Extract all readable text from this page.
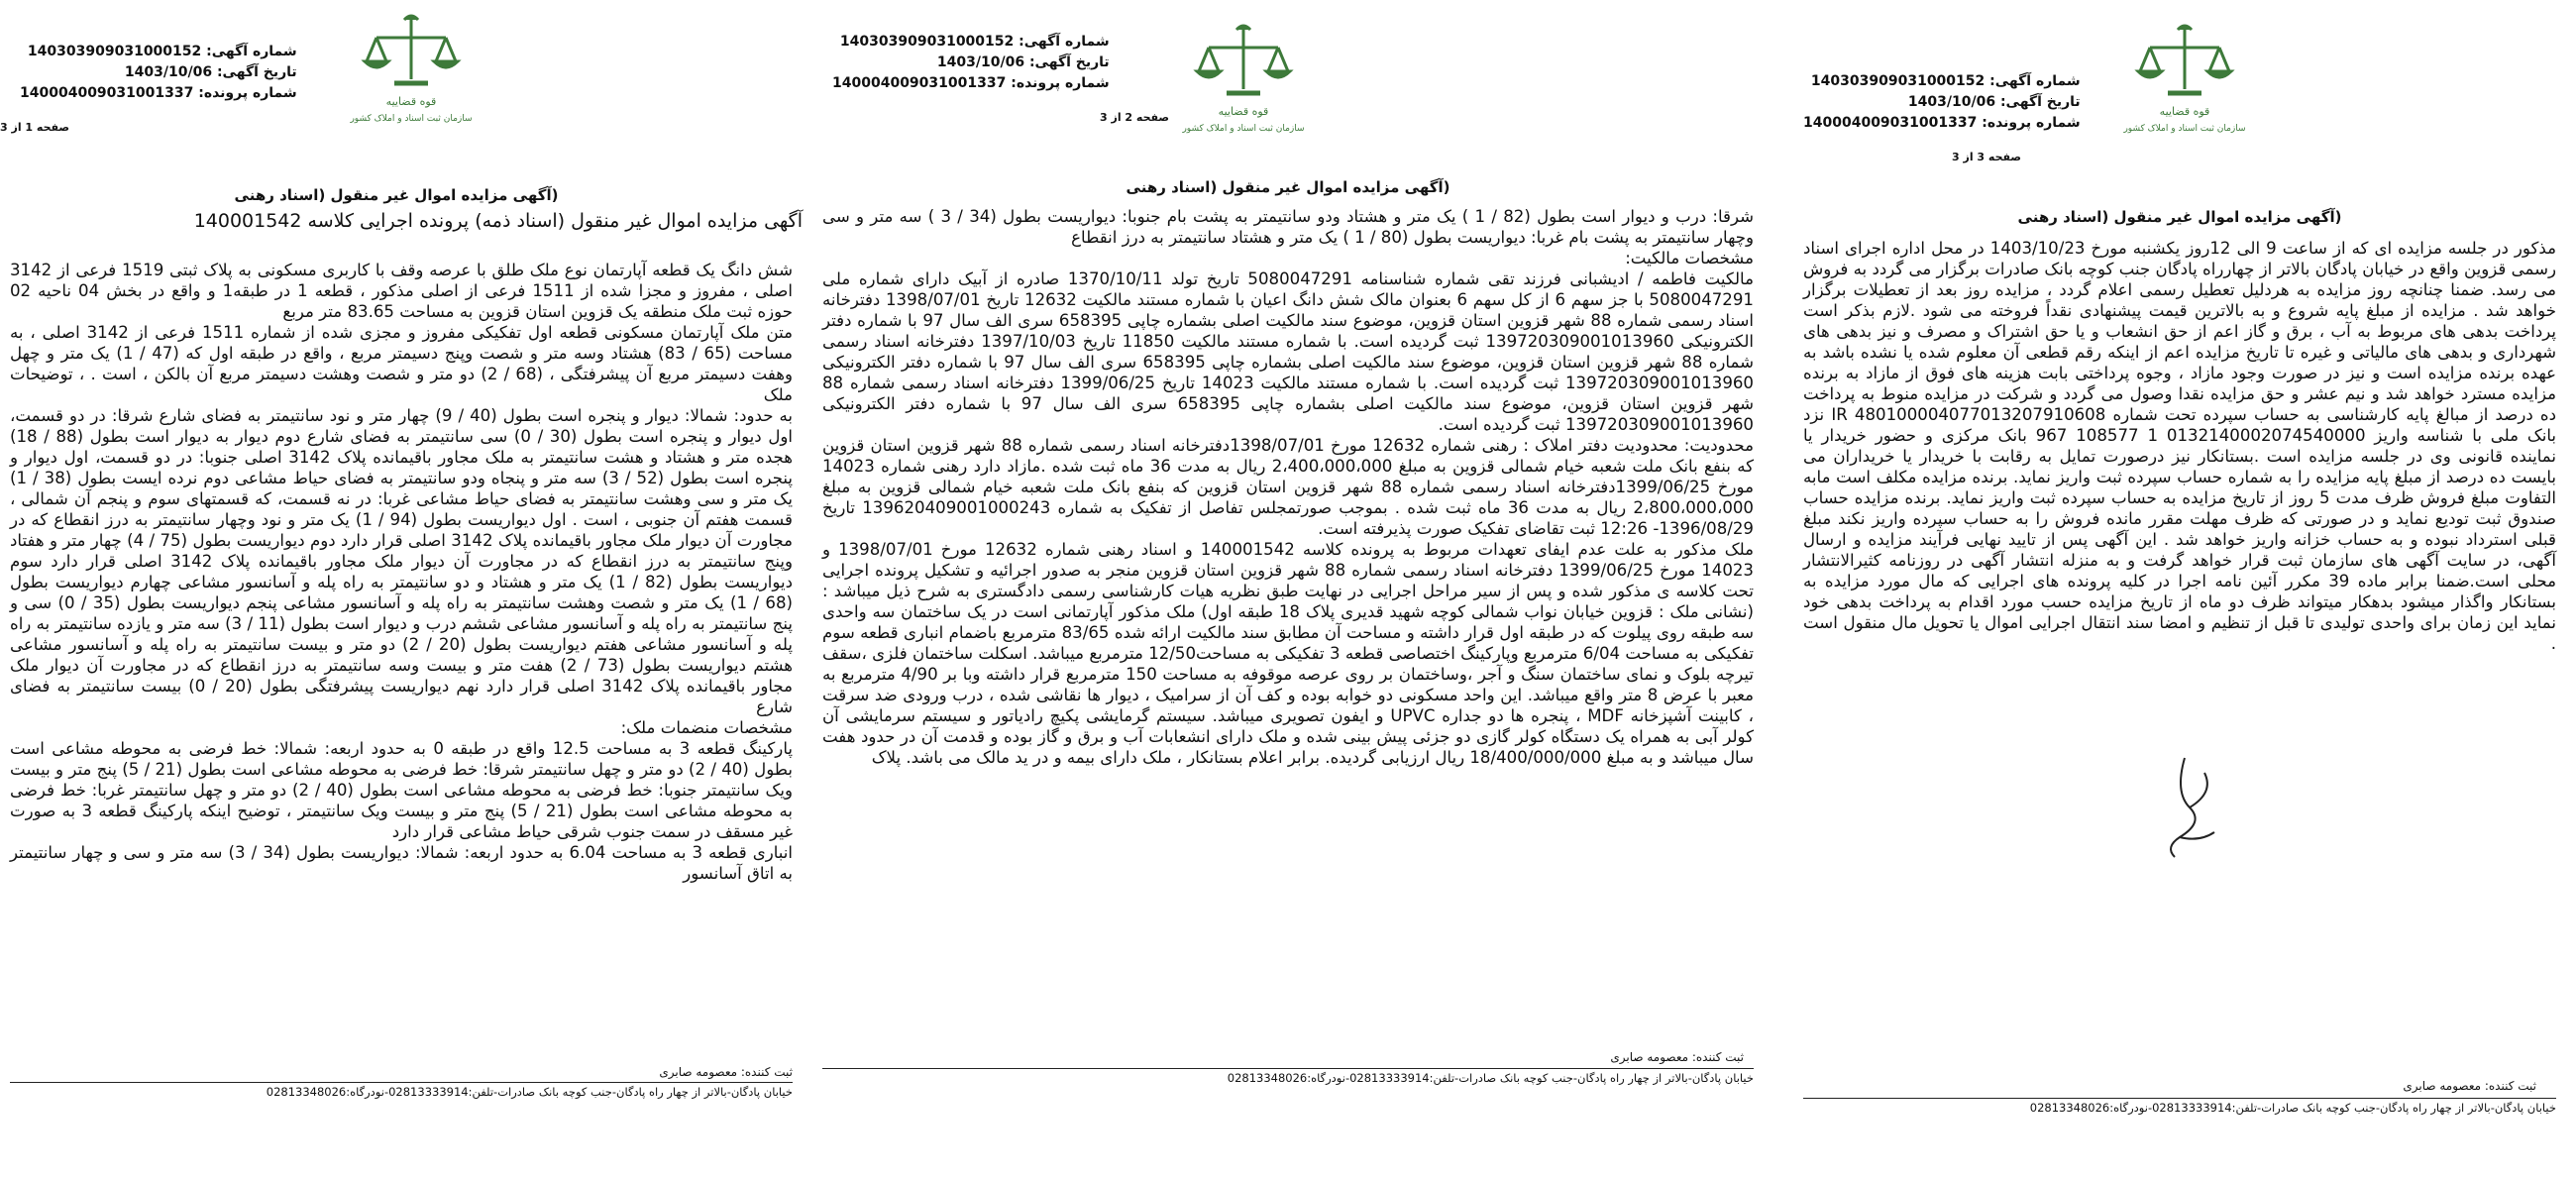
قوه قضاییه
سازمان ثبت اسناد و املاک کشور
شماره آگهی: 140303909031000152
تاریخ آگهی: 1403/10/06
شماره پرونده: 140004009031001337
صفحه 3 از 3
(آگهی مزایده اموال غیر منقول (اسناد رهنی
مذکور در جلسه مزایده ای که از ساعت 9 الی 12روز یکشنبه مورخ 1403/10/23 در محل اداره اجرای اسناد رسمی قزوین واقع در خیابان پادگان بالاتر از چهارراه پادگان جنب کوچه بانک صادرات برگزار می گردد به فروش می رسد. ضمنا چنانچه روز مزایده به هردلیل تعطیل رسمی اعلام گردد ، مزایده روز بعد از تعطیلات برگزار خواهد شد . مزایده از مبلغ پایه شروع و به بالاترین قیمت پیشنهادی نقداً فروخته می شود .لازم بذکر است پرداخت بدهی های مربوط به آب ، برق و گاز اعم از حق انشعاب و یا حق اشتراک و مصرف و نیز بدهی های شهرداری و بدهی های مالیاتی و غیره تا تاریخ مزایده اعم از اینکه رقم قطعی آن معلوم شده یا نشده باشد به عهده برنده مزایده است و نیز در صورت وجود مازاد ، وجوه پرداختی بابت هزینه های فوق از مازاد به برنده مزایده مسترد خواهد شد و نیم عشر و حق مزایده نقدا وصول می گردد و شرکت در مزایده منوط به پرداخت ده درصد از مبالغ پایه کارشناسی به حساب سپرده تحت شماره IR 480100004077013207910608 نزد بانک ملی با شناسه واریز 0132140002074540000 1 108577 967 بانک مرکزی و حضور خریدار یا نماینده قانونی وی در جلسه مزایده است .بستانکار نیز درصورت تمایل به رقابت با خریدار یا خریداران می بایست ده درصد از مبلغ پایه مزایده را به شماره حساب سپرده ثبت واریز نماید. برنده مزایده مکلف است مابه التفاوت مبلغ فروش ظرف مدت 5 روز از تاریخ مزایده به حساب سپرده ثبت واریز نماید. برنده مزایده حساب صندوق ثبت تودیع نماید و در صورتی که ظرف مهلت مقرر مانده فروش را به حساب سپرده واریز نکند مبلغ قبلی استرداد نبوده و به حساب خزانه واریز خواهد شد . این آگهی پس از تایید نهایی فرآیند مزایده و ارسال آگهی، در سایت آگهی های سازمان ثبت قرار خواهد گرفت و به منزله انتشار آگهی در روزنامه کثیرالانتشار محلی است.ضمنا برابر ماده 39 مکرر آئین نامه اجرا در کلیه پرونده های اجرایی که مال مورد مزایده به بستانکار واگذار میشود بدهکار میتواند ظرف دو ماه از تاریخ مزایده حسب مورد اقدام به پرداخت بدهی خود نماید این زمان برای واحدی تولیدی تا قبل از تنظیم و امضا سند انتقال اجرایی اموال یا تحویل مال منقول است .
ثبت کننده: معصومه صابری
خیابان پادگان-بالاتر از چهار راه پادگان-جنب کوچه بانک صادرات-تلفن:02813333914-نودرگاه:02813348026
قوه قضاییه
سازمان ثبت اسناد و املاک کشور
شماره آگهی: 140303909031000152
تاریخ آگهی: 1403/10/06
شماره پرونده: 140004009031001337
صفحه 2 از 3
(آگهی مزایده اموال غیر منقول (اسناد رهنی
شرقا: درب و دیوار است بطول (82 / 1 ) یک متر و هشتاد ودو سانتیمتر به پشت بام جنوبا: دیواریست بطول (34 / 3 ) سه متر و سی وچهار سانتیمتر به پشت بام غربا: دیواریست بطول (80 / 1 ) یک متر و هشتاد سانتیمتر به درز انقطاع
مشخصات مالکیت:
مالکیت فاطمه / ادیشبانی فرزند تقی شماره شناسنامه 5080047291 تاریخ تولد 1370/10/11 صادره از آبیک دارای شماره ملی 5080047291 با جز سهم 6 از کل سهم 6 بعنوان مالک شش دانگ اعیان با شماره مستند مالکیت 12632 تاریخ 1398/07/01 دفترخانه اسناد رسمی شماره 88 شهر قزوین استان قزوین، موضوع سند مالکیت اصلی بشماره چاپی 658395 سری الف سال 97 با شماره دفتر الکترونیکی 139720309001013960 ثبت گردیده است. با شماره مستند مالکیت 11850 تاریخ 1397/10/03 دفترخانه اسناد رسمی شماره 88 شهر قزوین استان قزوین، موضوع سند مالکیت اصلی بشماره چاپی 658395 سری الف سال 97 با شماره دفتر الکترونیکی 139720309001013960 ثبت گردیده است. با شماره مستند مالکیت 14023 تاریخ 1399/06/25 دفترخانه اسناد رسمی شماره 88 شهر قزوین استان قزوین، موضوع سند مالکیت اصلی بشماره چاپی 658395 سری الف سال 97 با شماره دفتر الکترونیکی 139720309001013960 ثبت گردیده است.
محدودیت: محدودیت دفتر املاک : رهنی شماره 12632 مورخ 1398/07/01دفترخانه اسناد رسمی شماره 88 شهر قزوین استان قزوین که بنفع بانک ملت شعبه خیام شمالی قزوین به مبلغ 2،400،000،000 ریال به مدت 36 ماه ثبت شده .مازاد دارد رهنی شماره 14023 مورخ 1399/06/25دفترخانه اسناد رسمی شماره 88 شهر قزوین استان قزوین که بنفع بانک ملت شعبه خیام شمالی قزوین به مبلغ 2،800،000،000 ریال به مدت 36 ماه ثبت شده . بموجب صورتمجلس تفاصل از تفکیک به شماره 139620409001000243 تاریخ 1396/08/29- 12:26 ثبت تقاضای تفکیک صورت پذیرفته است.
ملک مذکور به علت عدم ایفای تعهدات مربوط به پرونده کلاسه 140001542 و اسناد رهنی شماره 12632 مورخ 1398/07/01 و 14023 مورخ 1399/06/25 دفترخانه اسناد رسمی شماره 88 شهر قزوین استان قزوین منجر به صدور اجرائیه و تشکیل پرونده اجرایی تحت کلاسه ی مذکور شده و پس از سیر مراحل اجرایی در نهایت طبق نظریه هیات کارشناسی رسمی دادگستری به شرح ذیل میباشد : (نشانی ملک : قزوین خیابان نواب شمالی کوچه شهید قدیری پلاک 18 طبقه اول) ملک مذکور آپارتمانی است در یک ساختمان سه واحدی سه طبقه روی پیلوت که در طبقه اول قرار داشته و مساحت آن مطابق سند مالکیت ارائه شده 83/65 مترمربع باضمام انباری قطعه سوم تفکیکی به مساحت 6/04 مترمربع وپارکینگ اختصاصی قطعه 3 تفکیکی به مساحت12/50 مترمربع میباشد. اسکلت ساختمان فلزی ،سقف تیرچه بلوک و نمای ساختمان سنگ و آجر ،وساختمان بر روی عرصه موقوفه به مساحت 150 مترمربع قرار داشته وبا بر 4/90 مترمربع به معبر با عرض 8 متر واقع میباشد. این واحد مسکونی دو خوابه بوده و کف آن از سرامیک ، دیوار ها نقاشی شده ، درب ورودی ضد سرقت ، کابینت آشپزخانه MDF ، پنجره ها دو جداره UPVC و ایفون تصویری میباشد. سیستم گرمایشی پکیچ رادیاتور و سیستم سرمایشی آن کولر آبی به همراه یک دستگاه کولر گازی دو جزئی پیش بینی شده و ملک دارای انشعابات آب و برق و گاز بوده و قدمت آن در حدود هفت سال میباشد و به مبلغ 18/400/000/000 ریال ارزیابی گردیده. برابر اعلام بستانکار ، ملک دارای بیمه و در ید مالک می باشد. پلاک
ثبت کننده: معصومه صابری
خیابان پادگان-بالاتر از چهار راه پادگان-جنب کوچه بانک صادرات-تلفن:02813333914-نودرگاه:02813348026
قوه قضاییه
سازمان ثبت اسناد و املاک کشور
شماره آگهی: 140303909031000152
تاریخ آگهی: 1403/10/06
شماره پرونده: 140004009031001337
صفحه 1 از 3
(آگهی مزایده اموال غیر منقول (اسناد رهنی
آگهی مزایده اموال غیر منقول (اسناد ذمه) پرونده اجرایی کلاسه 140001542
شش دانگ یک قطعه آپارتمان نوع ملک طلق با عرصه وقف با کاربری مسکونی به پلاک ثبتی 1519 فرعی از 3142 اصلی ، مفروز و مجزا شده از 1511 فرعی از اصلی مذکور ، قطعه 1 در طبقه1 و واقع در بخش 04 ناحیه 02 حوزه ثبت ملک منطقه یک قزوین استان قزوین به مساحت 83.65 متر مربع
متن ملک آپارتمان مسکونی قطعه اول تفکیکی مفروز و مجزی شده از شماره 1511 فرعی از 3142 اصلی ، به مساحت (65 / 83) هشتاد وسه متر و شصت وپنج دسیمتر مربع ، واقع در طبقه اول که (47 / 1) یک متر و چهل وهفت دسیمتر مربع آن پیشرفتگی ، (68 / 2) دو متر و شصت وهشت دسیمتر مربع آن بالکن ، است . ، توضیحات ملک
به حدود: شمالا: دیوار و پنجره است بطول (40 / 9) چهار متر و نود سانتیمتر به فضای شارع شرقا: در دو قسمت، اول دیوار و پنجره است بطول (30 / 0) سی سانتیمتر به فضای شارع دوم دیوار به دیوار است بطول (88 / 18) هجده متر و هشتاد و هشت سانتیمتر به ملک مجاور باقیمانده پلاک 3142 اصلی جنوبا: در دو قسمت، اول دیوار و پنجره است بطول (52 / 3) سه متر و پنجاه ودو سانتیمتر به فضای حیاط مشاعی دوم نرده ایست بطول (38 / 1) یک متر و سی وهشت سانتیمتر به فضای حیاط مشاعی غربا: در نه قسمت، که قسمتهای سوم و پنجم آن شمالی ، قسمت هفتم آن جنوبی ، است . اول دیواریست بطول (94 / 1) یک متر و نود وچهار سانتیمتر به درز انقطاع که در مجاورت آن دیوار ملک مجاور باقیمانده پلاک 3142 اصلی قرار دارد دوم دیواریست بطول (75 / 4) چهار متر و هفتاد وپنج سانتیمتر به درز انقطاع که در مجاورت آن دیوار ملک مجاور باقیمانده پلاک 3142 اصلی قرار دارد سوم دیواریست بطول (82 / 1) یک متر و هشتاد و دو سانتیمتر به راه پله و آسانسور مشاعی چهارم دیواریست بطول (68 / 1) یک متر و شصت وهشت سانتیمتر به راه پله و آسانسور مشاعی پنجم دیواریست بطول (35 / 0) سی و پنج سانتیمتر به راه پله و آسانسور مشاعی ششم درب و دیوار است بطول (11 / 3) سه متر و یازده سانتیمتر به راه پله و آسانسور مشاعی هفتم دیواریست بطول (20 / 2) دو متر و بیست سانتیمتر به راه پله و آسانسور مشاعی هشتم دیواریست بطول (73 / 2) هفت متر و بیست وسه سانتیمتر به درز انقطاع که در مجاورت آن دیوار ملک مجاور باقیمانده پلاک 3142 اصلی قرار دارد نهم دیواریست پیشرفتگی بطول (20 / 0) بیست سانتیمتر به فضای شارع
مشخصات منضمات ملک:
پارکینگ قطعه 3 به مساحت 12.5 واقع در طبقه 0 به حدود اربعه: شمالا: خط فرضی به محوطه مشاعی است بطول (40 / 2) دو متر و چهل سانتیمتر شرقا: خط فرضی به محوطه مشاعی است بطول (21 / 5) پنج متر و بیست ویک سانتیمتر جنوبا: خط فرضی به محوطه مشاعی است بطول (40 / 2) دو متر و چهل سانتیمتر غربا: خط فرضی به محوطه مشاعی است بطول (21 / 5) پنج متر و بیست ویک سانتیمتر ، توضیح اینکه پارکینگ قطعه 3 به صورت غیر مسقف در سمت جنوب شرقی حیاط مشاعی قرار دارد
انباری قطعه 3 به مساحت 6.04 به حدود اربعه: شمالا: دیواریست بطول (34 / 3) سه متر و سی و چهار سانتیمتر به اتاق آسانسور
ثبت کننده: معصومه صابری
خیابان پادگان-بالاتر از چهار راه پادگان-جنب کوچه بانک صادرات-تلفن:02813333914-نودرگاه:02813348026
